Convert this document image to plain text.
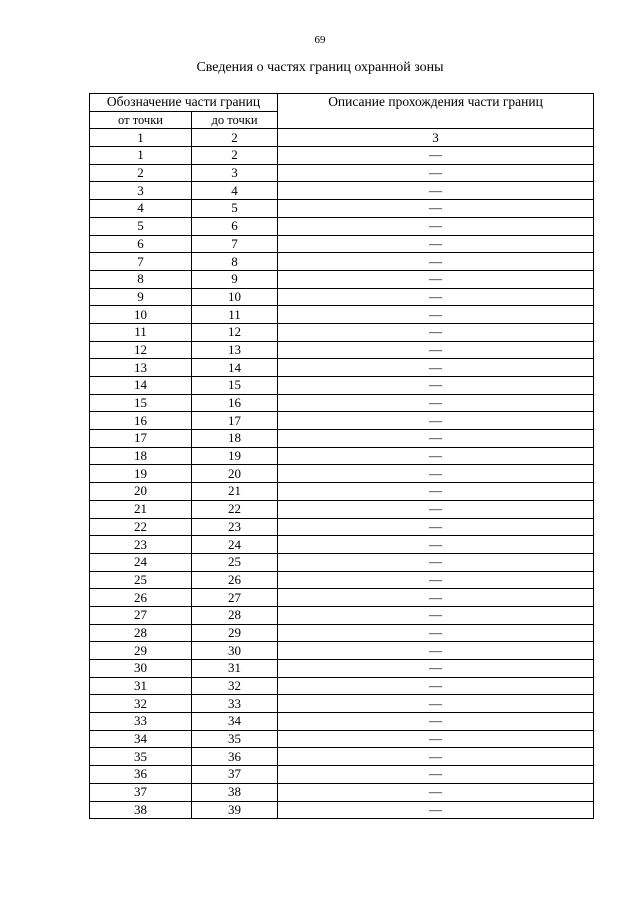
69
Сведения о частях границ охранной зоны
Обозначение части границ		Описание прохождения части границ
от точки	до точки	
1	2	3
1	2	—
2	3	—
3	4	—
4	5	—
5	6	—
6	7	—
7	8	—
8	9	—
9	10	—
10	11	—
11	12	—
12	13	—
13	14	—
14	15	—
15	16	—
16	17	—
17	18	—
18	19	—
19	20	—
20	21	—
21	22	—
22	23	—
23	24	—
24	25	—
25	26	—
26	27	—
27	28	—
28	29	—
29	30	—
30	31	—
31	32	—
32	33	—
33	34	—
34	35	—
35	36	—
36	37	—
37	38	—
38	39	—
